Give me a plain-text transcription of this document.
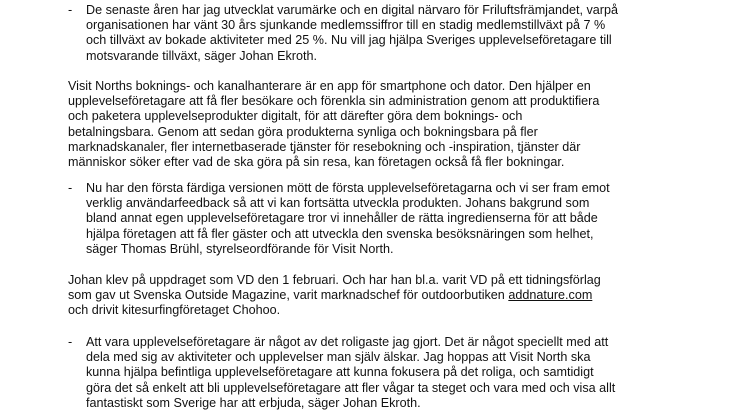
- De senaste åren har jag utvecklat varumärke och en digital närvaro för Friluftsfrämjandet, varpå
organisationen har vänt 30 års sjunkande medlemssiffror till en stadig medlemstillväxt på 7 %
och tillväxt av bokade aktiviteter med 25 %. Nu vill jag hjälpa Sveriges upplevelseföretagare till
motsvarande tillväxt, säger Johan Ekroth.
Visit Norths boknings- och kanalhanterare är en app för smartphone och dator. Den hjälper en
upplevelseföretagare att få fler besökare och förenkla sin administration genom att produktifiera
och paketera upplevelseprodukter digitalt, för att därefter göra dem boknings- och
betalningsbara. Genom att sedan göra produkterna synliga och bokningsbara på fler
marknadskanaler, fler internetbaserade tjänster för resebokning och -inspiration, tjänster där
människor söker efter vad de ska göra på sin resa, kan företagen också få fler bokningar.
- Nu har den första färdiga versionen mött de första upplevelseföretagarna och vi ser fram emot
verklig användarfeedback så att vi kan fortsätta utveckla produkten. Johans bakgrund som
bland annat egen upplevelseföretagare tror vi innehåller de rätta ingredienserna för att både
hjälpa företagen att få fler gäster och att utveckla den svenska besöksnäringen som helhet,
säger Thomas Brühl, styrelseordförande för Visit North.
Johan klev på uppdraget som VD den 1 februari. Och har han bl.a. varit VD på ett tidningsförlag
som gav ut Svenska Outside Magazine, varit marknadschef för outdoorbutiken addnature.com
och drivit kitesurfingföretaget Chohoo.
- Att vara upplevelseföretagare är något av det roligaste jag gjort. Det är något speciellt med att
dela med sig av aktiviteter och upplevelser man själv älskar. Jag hoppas att Visit North ska
kunna hjälpa befintliga upplevelseföretagare att kunna fokusera på det roliga, och samtidigt
göra det så enkelt att bli upplevelseföretagare att fler vågar ta steget och vara med och visa allt
fantastiskt som Sverige har att erbjuda, säger Johan Ekroth.
